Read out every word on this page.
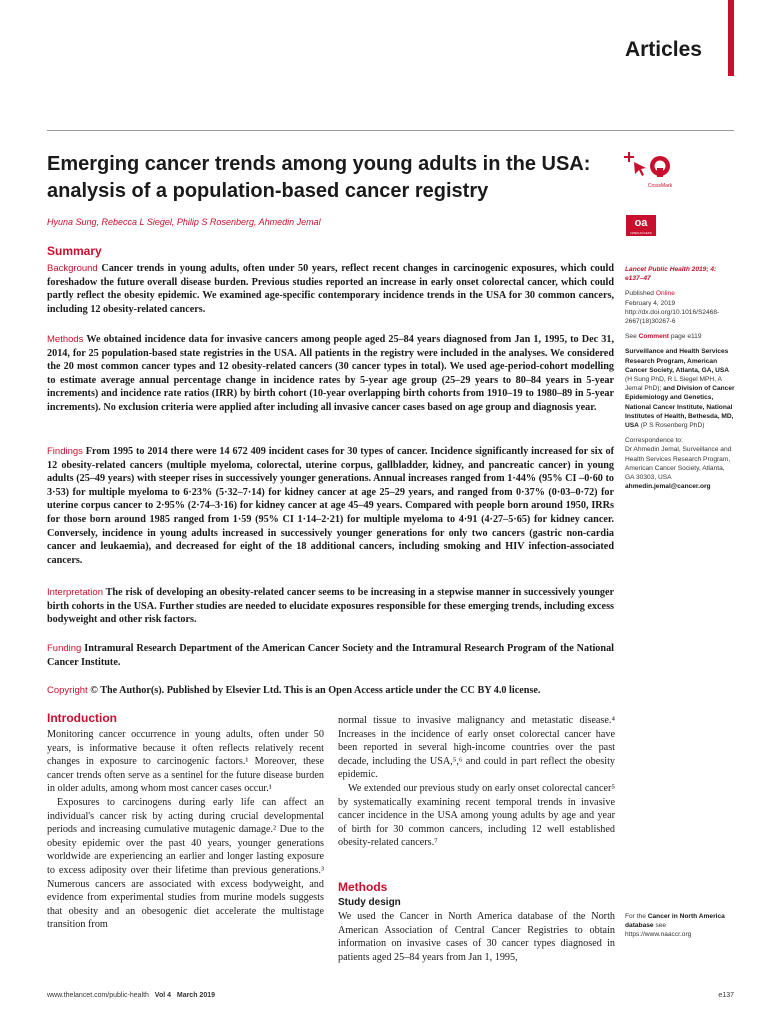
Articles
Emerging cancer trends among young adults in the USA: analysis of a population-based cancer registry	CrossMark
oa
OPEN ACCESS
Hyuna Sung, Rebecca L Siegel, Philip S Rosenberg, Ahmedin Jemal
Summary
Background Cancer trends in young adults, often under 50 years, reflect recent changes in carcinogenic exposures, which could foreshadow the future overall disease burden. Previous studies reported an increase in early onset colorectal cancer, which could partly reflect the obesity epidemic. We examined age-specific contemporary incidence trends in the USA for 30 common cancers, including 12 obesity-related cancers.
Methods We obtained incidence data for invasive cancers among people aged 25–84 years diagnosed from Jan 1, 1995, to Dec 31, 2014, for 25 population-based state registries in the USA. All patients in the registry were included in the analyses. We considered the 20 most common cancer types and 12 obesity-related cancers (30 cancer types in total). We used age-period-cohort modelling to estimate average annual percentage change in incidence rates by 5-year age group (25–29 years to 80–84 years in 5-year increments) and incidence rate ratios (IRR) by birth cohort (10-year overlapping birth cohorts from 1910–19 to 1980–89 in 5-year increments). No exclusion criteria were applied after including all invasive cancer cases based on age group and diagnosis year.
Findings From 1995 to 2014 there were 14 672 409 incident cases for 30 types of cancer. Incidence significantly increased for six of 12 obesity-related cancers (multiple myeloma, colorectal, uterine corpus, gallbladder, kidney, and pancreatic cancer) in young adults (25–49 years) with steeper rises in successively younger generations. Annual increases ranged from 1·44% (95% CI –0·60 to 3·53) for multiple myeloma to 6·23% (5·32–7·14) for kidney cancer at age 25–29 years, and ranged from 0·37% (0·03–0·72) for uterine corpus cancer to 2·95% (2·74–3·16) for kidney cancer at age 45–49 years. Compared with people born around 1950, IRRs for those born around 1985 ranged from 1·59 (95% CI 1·14–2·21) for multiple myeloma to 4·91 (4·27–5·65) for kidney cancer. Conversely, incidence in young adults increased in successively younger generations for only two cancers (gastric non-cardia cancer and leukaemia), and decreased for eight of the 18 additional cancers, including smoking and HIV infection-associated cancers.
Interpretation The risk of developing an obesity-related cancer seems to be increasing in a stepwise manner in successively younger birth cohorts in the USA. Further studies are needed to elucidate exposures responsible for these emerging trends, including excess bodyweight and other risk factors.
Funding Intramural Research Department of the American Cancer Society and the Intramural Research Program of the National Cancer Institute.
Copyright © The Author(s). Published by Elsevier Ltd. This is an Open Access article under the CC BY 4.0 license.
Introduction

Monitoring cancer occurrence in young adults, often under 50 years, is informative because it often reflects relatively recent changes in exposure to carcinogenic factors.¹ Moreover, these cancer trends often serve as a sentinel for the future disease burden in older adults, among whom most cancer cases occur.¹

Exposures to carcinogens during early life can affect an individual's cancer risk by acting during crucial developmental periods and increasing cumulative mutagenic damage.² Due to the obesity epidemic over the past 40 years, younger generations worldwide are experiencing an earlier and longer lasting exposure to excess adiposity over their lifetime than previous generations.³ Numerous cancers are associated with excess bodyweight, and evidence from experimental studies from murine models suggests that obesity and an obesogenic diet accelerate the multistage transition from

normal tissue to invasive malignancy and metastatic disease.⁴ Increases in the incidence of early onset colorectal cancer have been reported in several high-income countries over the past decade, including the USA,⁵,⁶ and could in part reflect the obesity epidemic.

We extended our previous study on early onset colorectal cancer⁵ by systematically examining recent temporal trends in invasive cancer incidence in the USA among young adults by age and year of birth for 30 common cancers, including 12 well established obesity-related cancers.⁷

Methods
Study design

We used the Cancer in North America database of the North American Association of Central Cancer Registries to obtain information on invasive cases of 30 cancer types diagnosed in patients aged 25–84 years from Jan 1, 1995,

Lancet Public Health 2019; 4: e137–47

Published Online
February 4, 2019
http://dx.doi.org/10.1016/S2468-2667(18)30267-6

See Comment page e119

Surveillance and Health Services Research Program, American Cancer Society, Atlanta, GA, USA (H Sung PhD, R L Siegel MPH, A Jemal PhD); and Division of Cancer Epidemiology and Genetics, National Cancer Institute, National Institutes of Health, Bethesda, MD, USA (P S Rosenberg PhD)

Correspondence to:
Dr Ahmedin Jemal, Surveillance and Health Services Research Program, American Cancer Society, Atlanta, GA 30303, USA
ahmedin.jemal@cancer.org

For the Cancer in North America database see
https://www.naaccr.org
www.thelancet.com/public-health Vol 4 March 2019	e137
